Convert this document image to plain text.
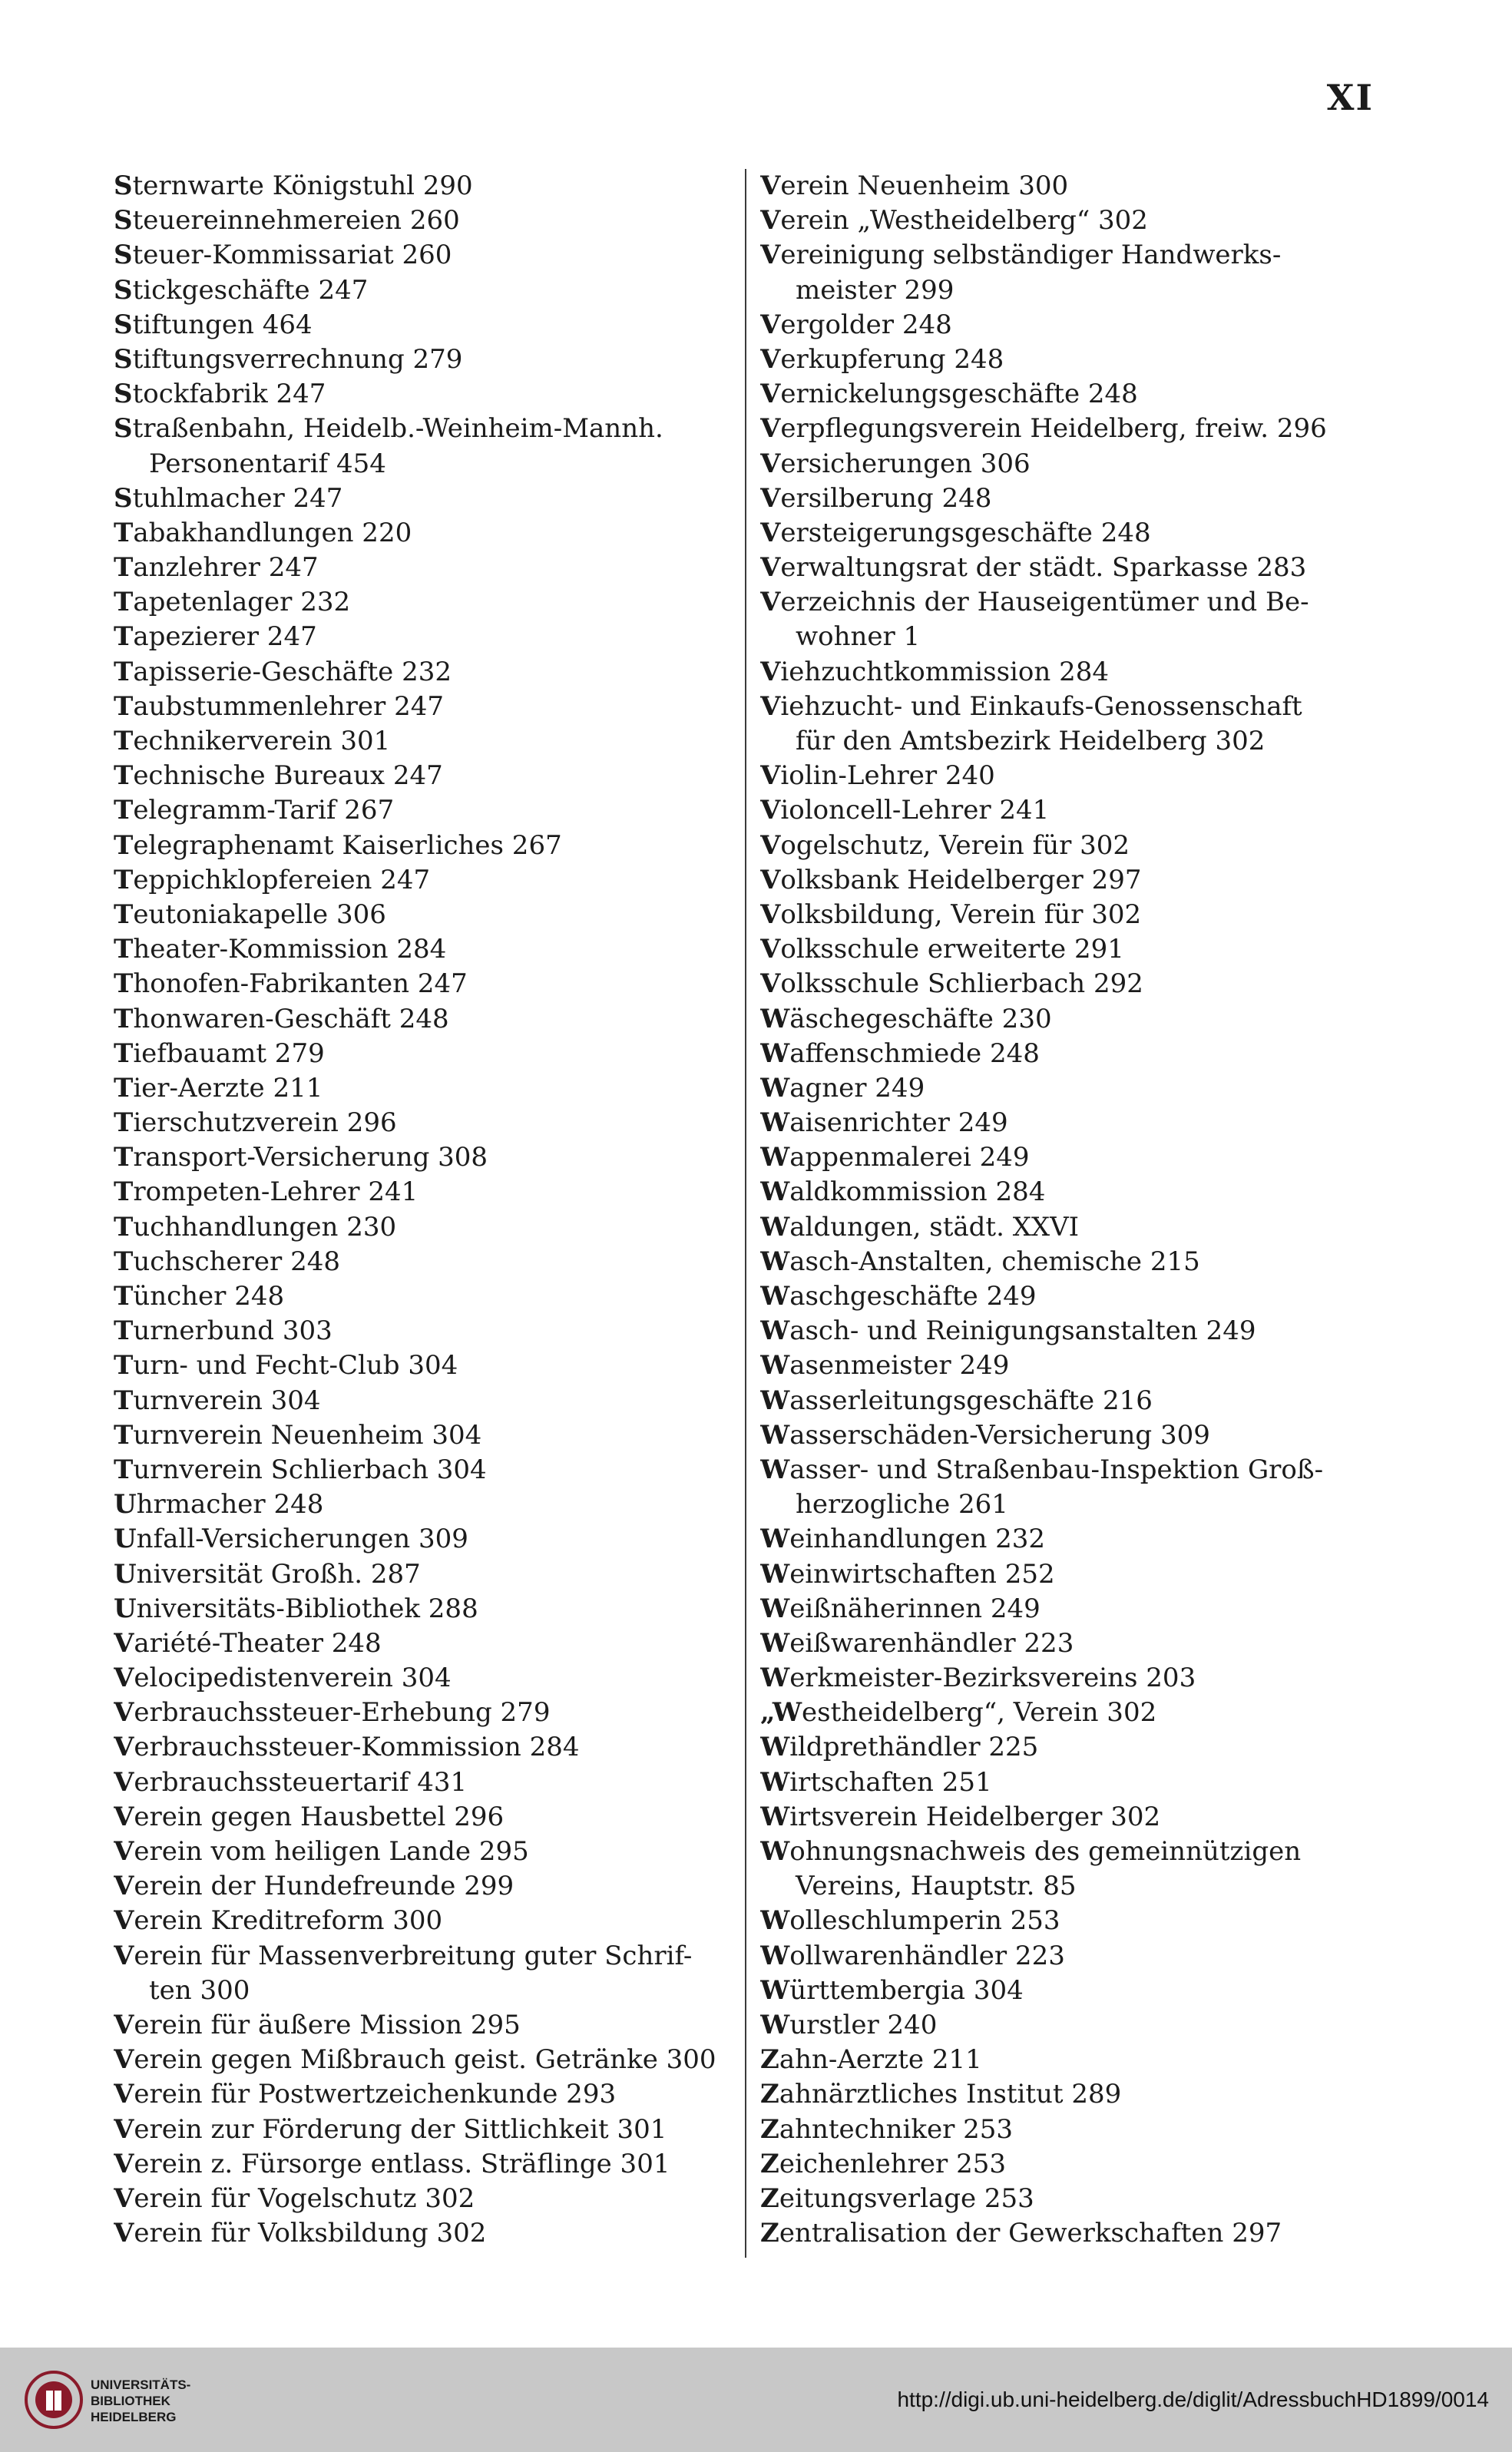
XI
Sternwarte Königstuhl 290
Steuereinnehmereien 260
Steuer-Kommissariat 260
Stickgeschäfte 247
Stiftungen 464
Stiftungsverrechnung 279
Stockfabrik 247
Straßenbahn, Heidelb.-Weinheim-Mannh.
Personentarif 454
Stuhlmacher 247
Tabakhandlungen 220
Tanzlehrer 247
Tapetenlager 232
Tapezierer 247
Tapisserie-Geschäfte 232
Taubstummenlehrer 247
Technikerverein 301
Technische Bureaux 247
Telegramm-Tarif 267
Telegraphenamt Kaiserliches 267
Teppichklopfereien 247
Teutoniakapelle 306
Theater-Kommission 284
Thonofen-Fabrikanten 247
Thonwaren-Geschäft 248
Tiefbauamt 279
Tier-Aerzte 211
Tierschutzverein 296
Transport-Versicherung 308
Trompeten-Lehrer 241
Tuchhandlungen 230
Tuchscherer 248
Tüncher 248
Turnerbund 303
Turn- und Fecht-Club 304
Turnverein 304
Turnverein Neuenheim 304
Turnverein Schlierbach 304
Uhrmacher 248
Unfall-Versicherungen 309
Universität Großh. 287
Universitäts-Bibliothek 288
Variété-Theater 248
Velocipedistenverein 304
Verbrauchssteuer-Erhebung 279
Verbrauchssteuer-Kommission 284
Verbrauchssteuertarif 431
Verein gegen Hausbettel 296
Verein vom heiligen Lande 295
Verein der Hundefreunde 299
Verein Kreditreform 300
Verein für Massenverbreitung guter Schrif-
ten 300
Verein für äußere Mission 295
Verein gegen Mißbrauch geist. Getränke 300
Verein für Postwertzeichenkunde 293
Verein zur Förderung der Sittlichkeit 301
Verein z. Fürsorge entlass. Sträflinge 301
Verein für Vogelschutz 302
Verein für Volksbildung 302
Verein Neuenheim 300
Verein „Westheidelberg“ 302
Vereinigung selbständiger Handwerks-
meister 299
Vergolder 248
Verkupferung 248
Vernickelungsgeschäfte 248
Verpflegungsverein Heidelberg, freiw. 296
Versicherungen 306
Versilberung 248
Versteigerungsgeschäfte 248
Verwaltungsrat der städt. Sparkasse 283
Verzeichnis der Hauseigentümer und Be-
wohner 1
Viehzuchtkommission 284
Viehzucht- und Einkaufs-Genossenschaft
für den Amtsbezirk Heidelberg 302
Violin-Lehrer 240
Violoncell-Lehrer 241
Vogelschutz, Verein für 302
Volksbank Heidelberger 297
Volksbildung, Verein für 302
Volksschule erweiterte 291
Volksschule Schlierbach 292
Wäschegeschäfte 230
Waffenschmiede 248
Wagner 249
Waisenrichter 249
Wappenmalerei 249
Waldkommission 284
Waldungen, städt. XXVI
Wasch-Anstalten, chemische 215
Waschgeschäfte 249
Wasch- und Reinigungsanstalten 249
Wasenmeister 249
Wasserleitungsgeschäfte 216
Wasserschäden-Versicherung 309
Wasser- und Straßenbau-Inspektion Groß-
herzogliche 261
Weinhandlungen 232
Weinwirtschaften 252
Weißnäherinnen 249
Weißwarenhändler 223
Werkmeister-Bezirksvereins 203
„Westheidelberg“, Verein 302
Wildprethändler 225
Wirtschaften 251
Wirtsverein Heidelberger 302
Wohnungsnachweis des gemeinnützigen
Vereins, Hauptstr. 85
Wolleschlumperin 253
Wollwarenhändler 223
Württembergia 304
Wurstler 240
Zahn-Aerzte 211
Zahnärztliches Institut 289
Zahntechniker 253
Zeichenlehrer 253
Zeitungsverlage 253
Zentralisation der Gewerkschaften 297
UNIVERSITÄTS-
BIBLIOTHEK
HEIDELBERG
http://digi.ub.uni-heidelberg.de/diglit/AdressbuchHD1899/0014
